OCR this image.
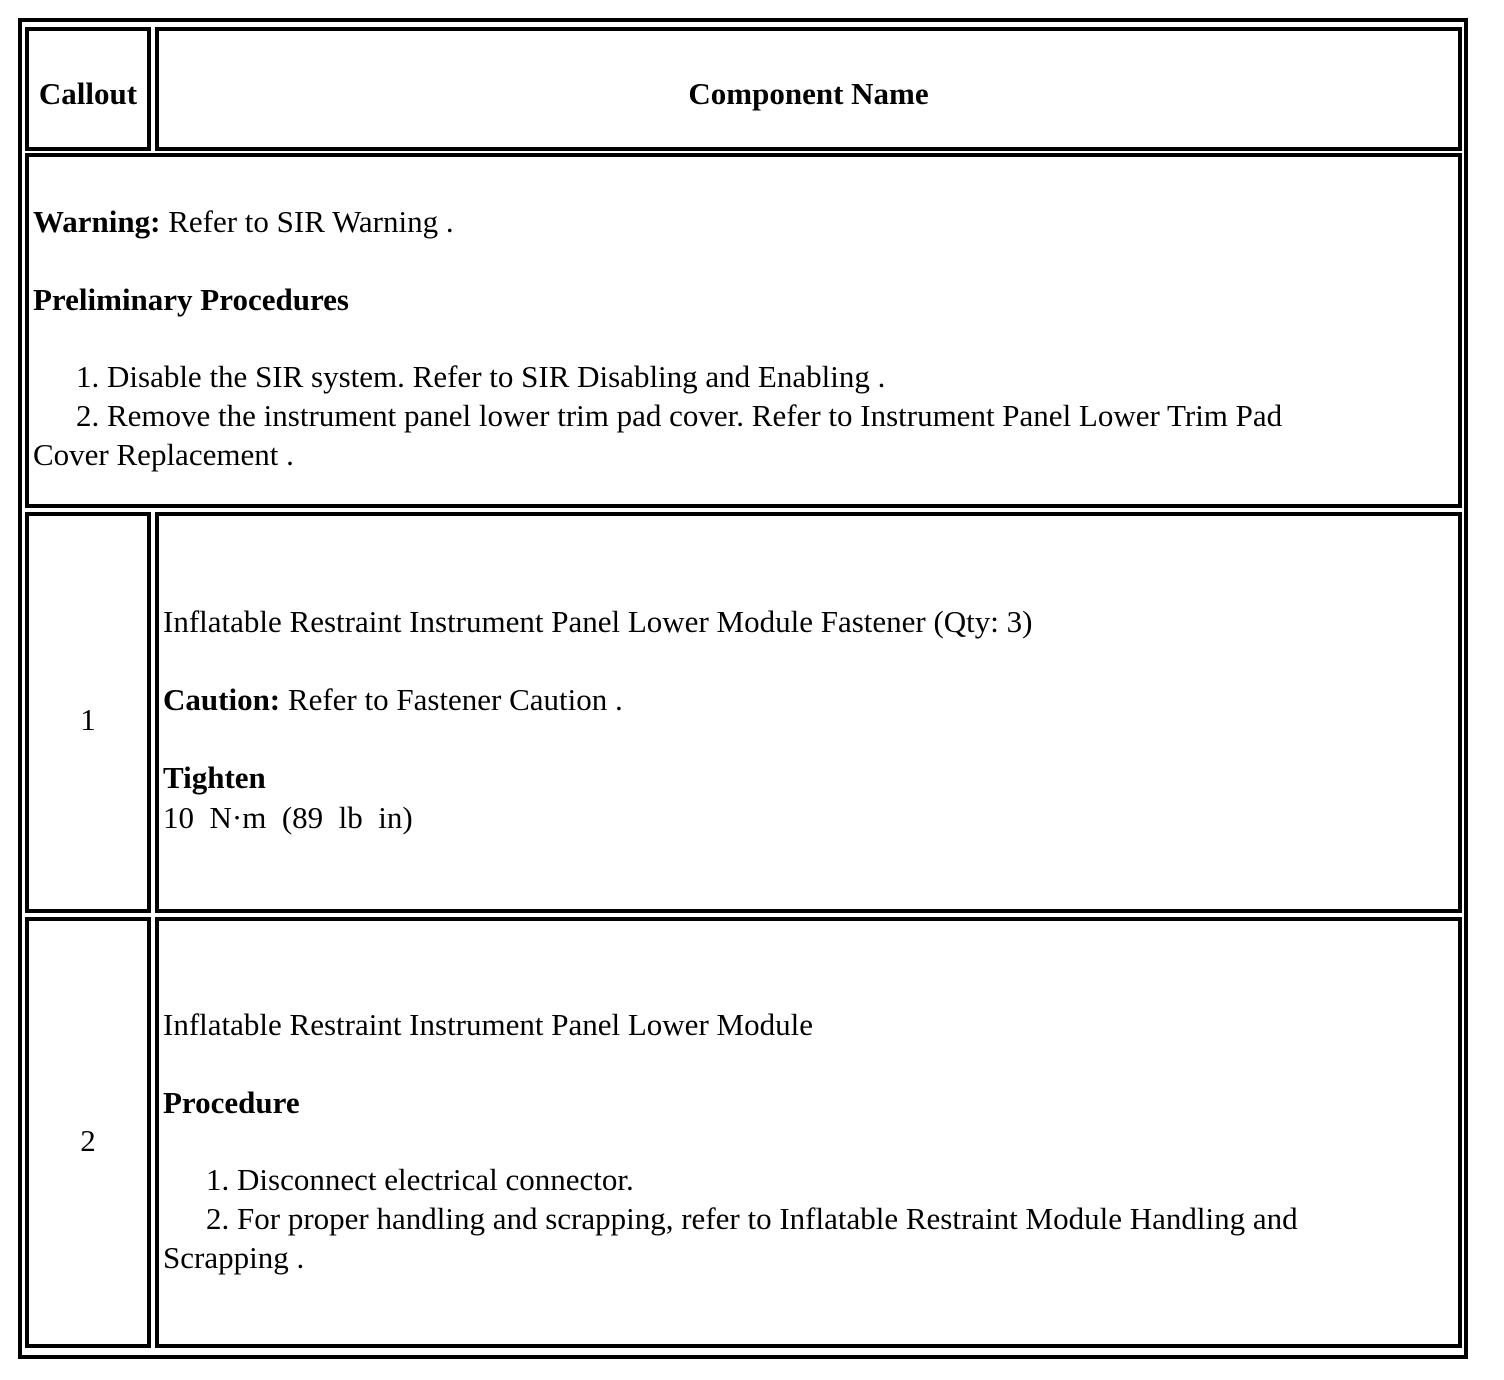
Callout	Component Name
Warning: Refer to SIR Warning .
Preliminary Procedures
1. Disable the SIR system. Refer to SIR Disabling and Enabling .
2. Remove the instrument panel lower trim pad cover. Refer to Instrument Panel Lower Trim Pad
Cover Replacement .
1
Inflatable Restraint Instrument Panel Lower Module Fastener (Qty: 3)
Caution: Refer to Fastener Caution .
Tighten
10  N·m  (89  lb  in)
2
Inflatable Restraint Instrument Panel Lower Module
Procedure
1. Disconnect electrical connector.
2. For proper handling and scrapping, refer to Inflatable Restraint Module Handling and
Scrapping .
